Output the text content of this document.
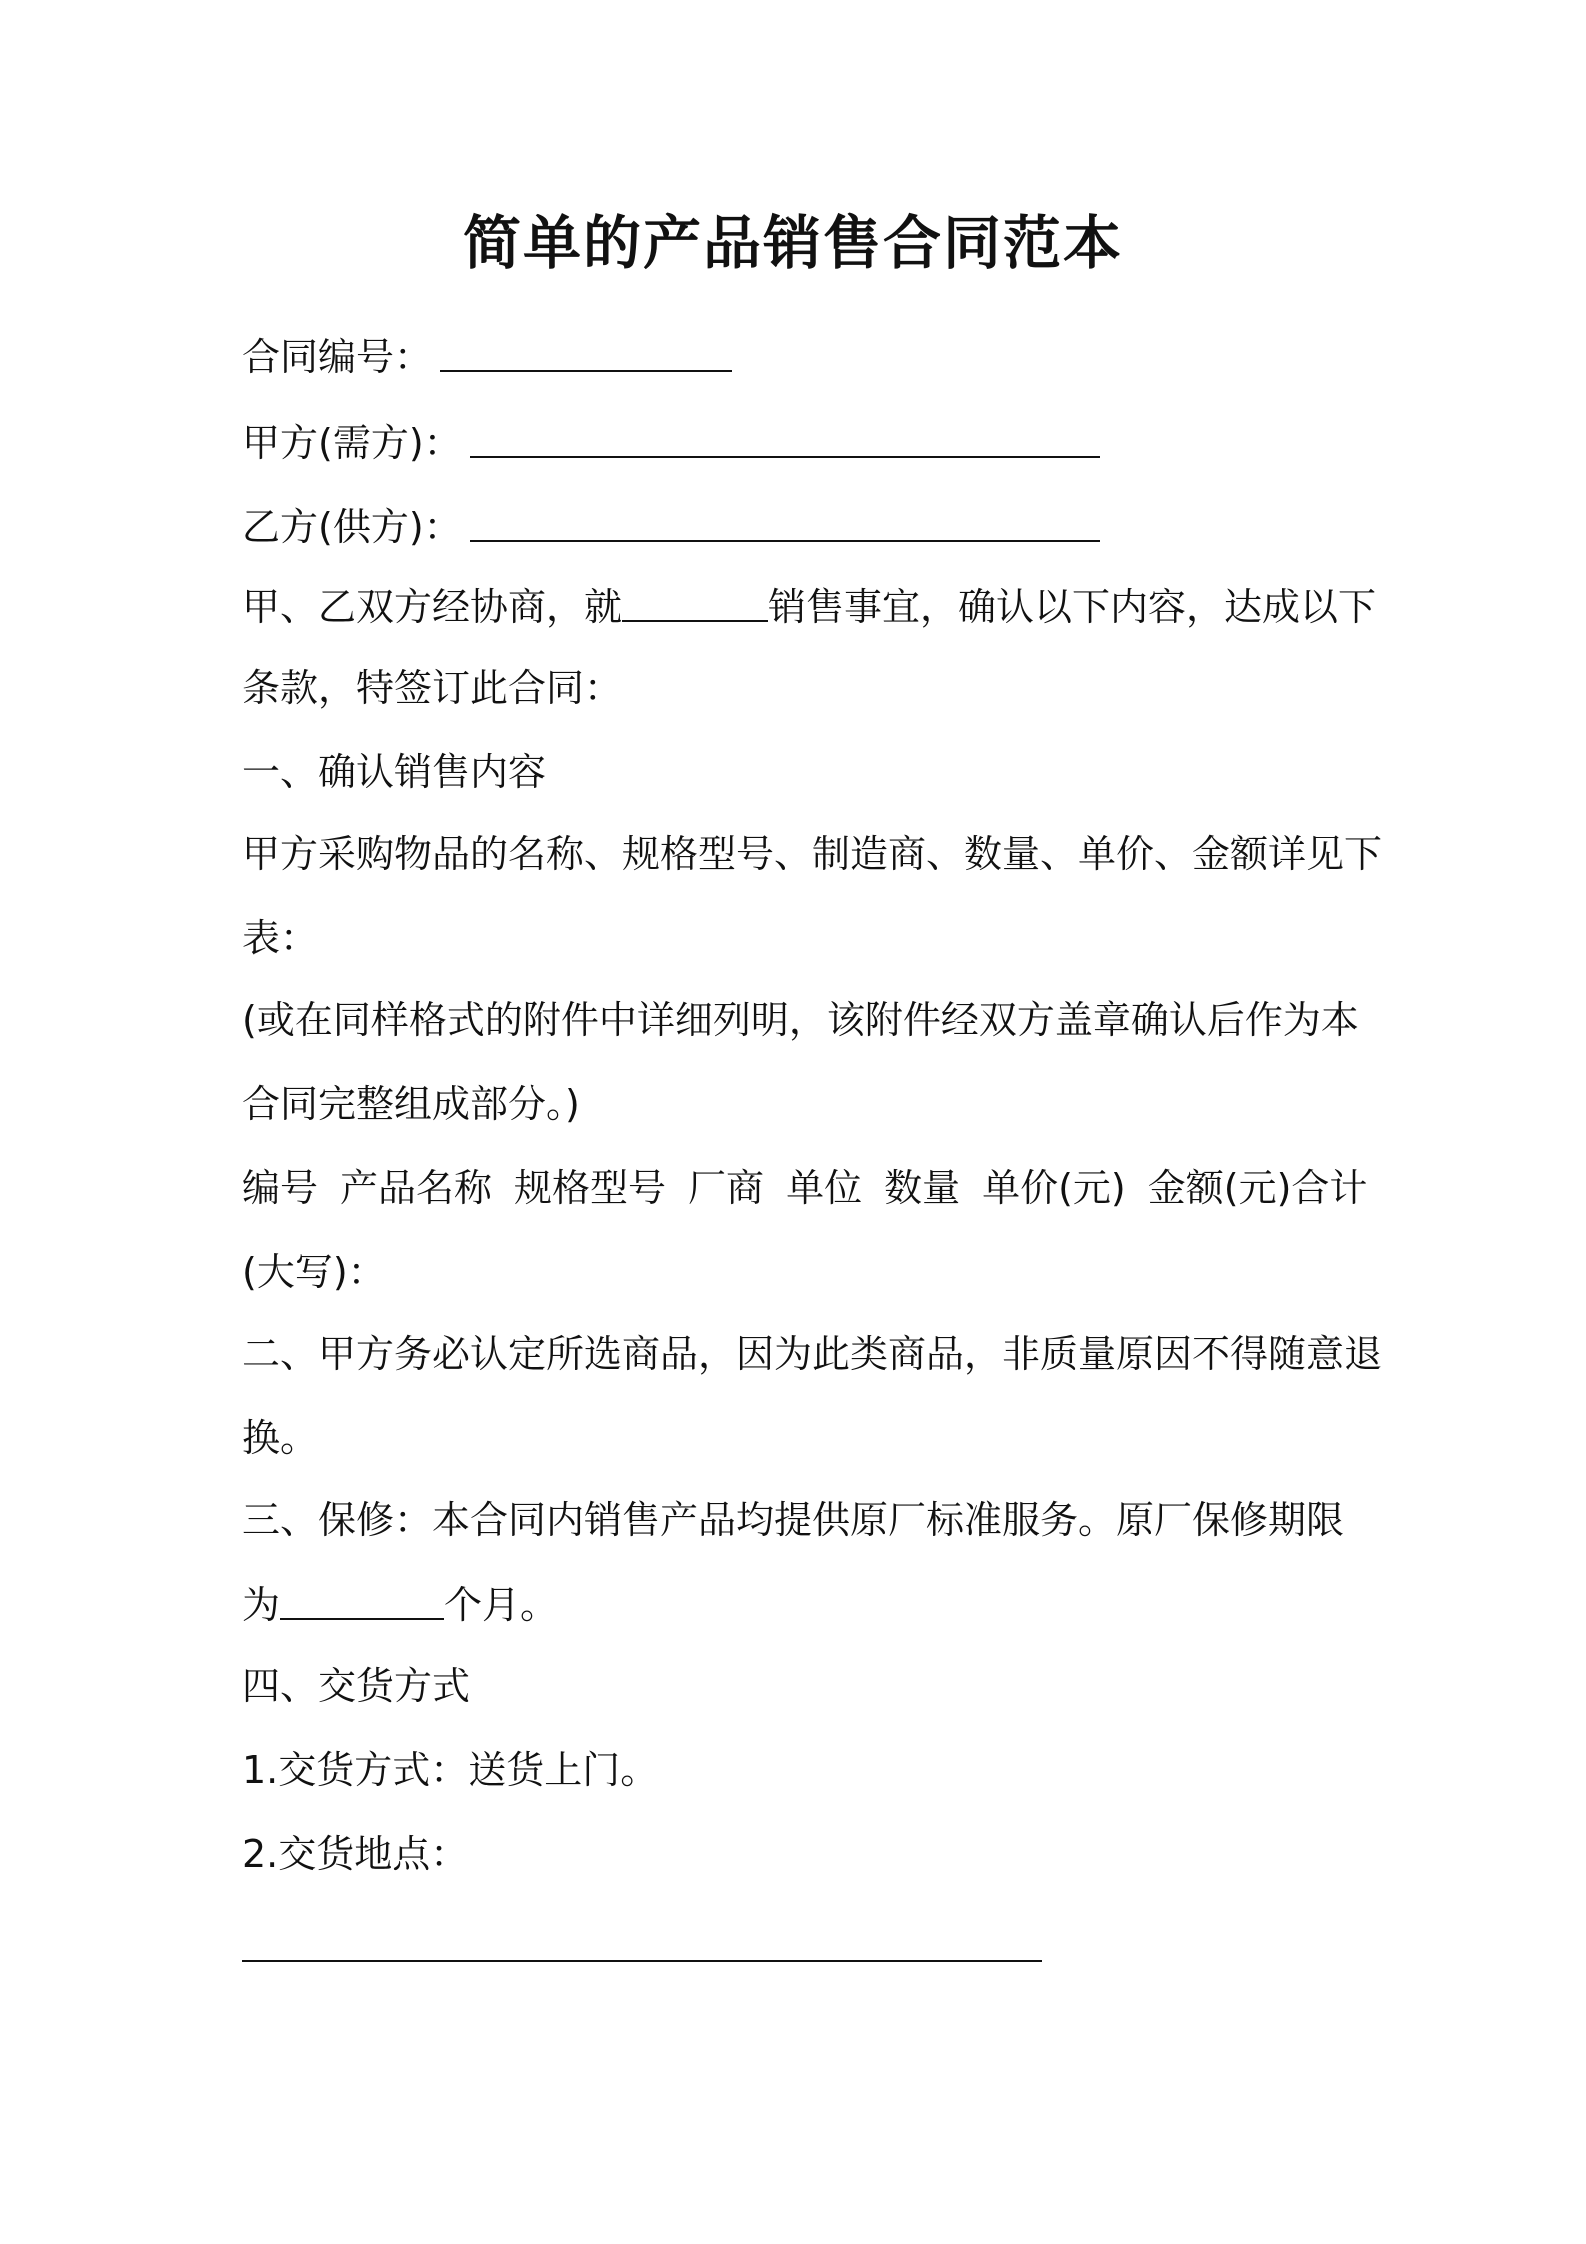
简单的产品销售合同范本
合同编号：
甲方(需方)：
乙方(供方)：
甲、乙双方经协商，就	销售事宜，确认以下内容，达成以下
条款，特签订此合同：
一、确认销售内容
甲方采购物品的名称、规格型号、制造商、数量、单价、金额详见下
表：
(或在同样格式的附件中详细列明，该附件经双方盖章确认后作为本
合同完整组成部分。)
编号 产品名称 规格型号 厂商 单位 数量 单价(元) 金额(元)合计
(大写)：
二、甲方务必认定所选商品，因为此类商品，非质量原因不得随意退
换。
三、保修：本合同内销售产品均提供原厂标准服务。原厂保修期限
为	个月。
四、交货方式
1.交货方式：送货上门。
2.交货地点：
